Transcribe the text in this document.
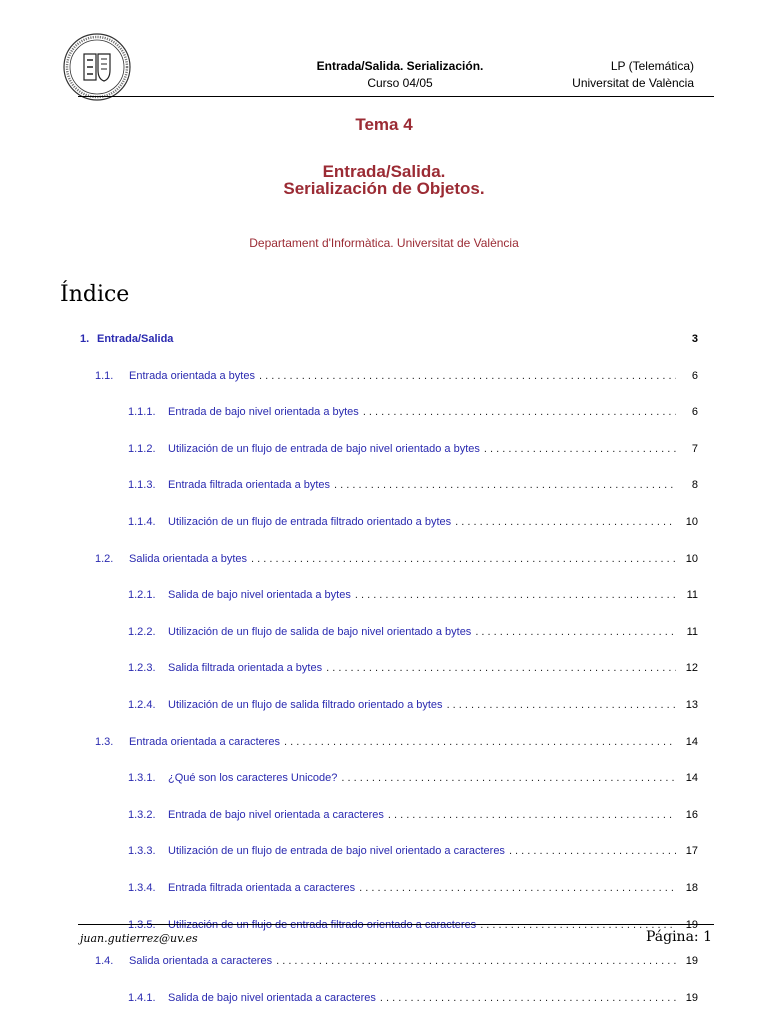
Entrada/Salida. Serialización.
Curso 04/05
LP (Telemática)
Universitat de València
Tema 4
Entrada/Salida.
Serialización de Objetos.
Departament d'Informàtica. Universitat de València
Índice
1. Entrada/Salida	3
1.1.	Entrada orientada a bytes . . .	6
1.1.1.	Entrada de bajo nivel orientada a bytes . . .	6
1.1.2.	Utilización de un flujo de entrada de bajo nivel orientado a bytes . . .	7
1.1.3.	Entrada filtrada orientada a bytes . . .	8
1.1.4.	Utilización de un flujo de entrada filtrado orientado a bytes . . .	10
1.2.	Salida orientada a bytes . . .	10
1.2.1.	Salida de bajo nivel orientada a bytes . . .	11
1.2.2.	Utilización de un flujo de salida de bajo nivel orientado a bytes . . .	11
1.2.3.	Salida filtrada orientada a bytes . . .	12
1.2.4.	Utilización de un flujo de salida filtrado orientado a bytes . . .	13
1.3.	Entrada orientada a caracteres . . .	14
1.3.1.	¿Qué son los caracteres Unicode? . . .	14
1.3.2.	Entrada de bajo nivel orientada a caracteres . . .	16
1.3.3.	Utilización de un flujo de entrada de bajo nivel orientado a caracteres . . .	17
1.3.4.	Entrada filtrada orientada a caracteres . . .	18
1.3.5.	Utilización de un flujo de entrada filtrado orientado a caracteres . . .	19
1.4.	Salida orientada a caracteres . . .	19
1.4.1.	Salida de bajo nivel orientada a caracteres . . .	19
juan.gutierrez@uv.es	Página: 1
